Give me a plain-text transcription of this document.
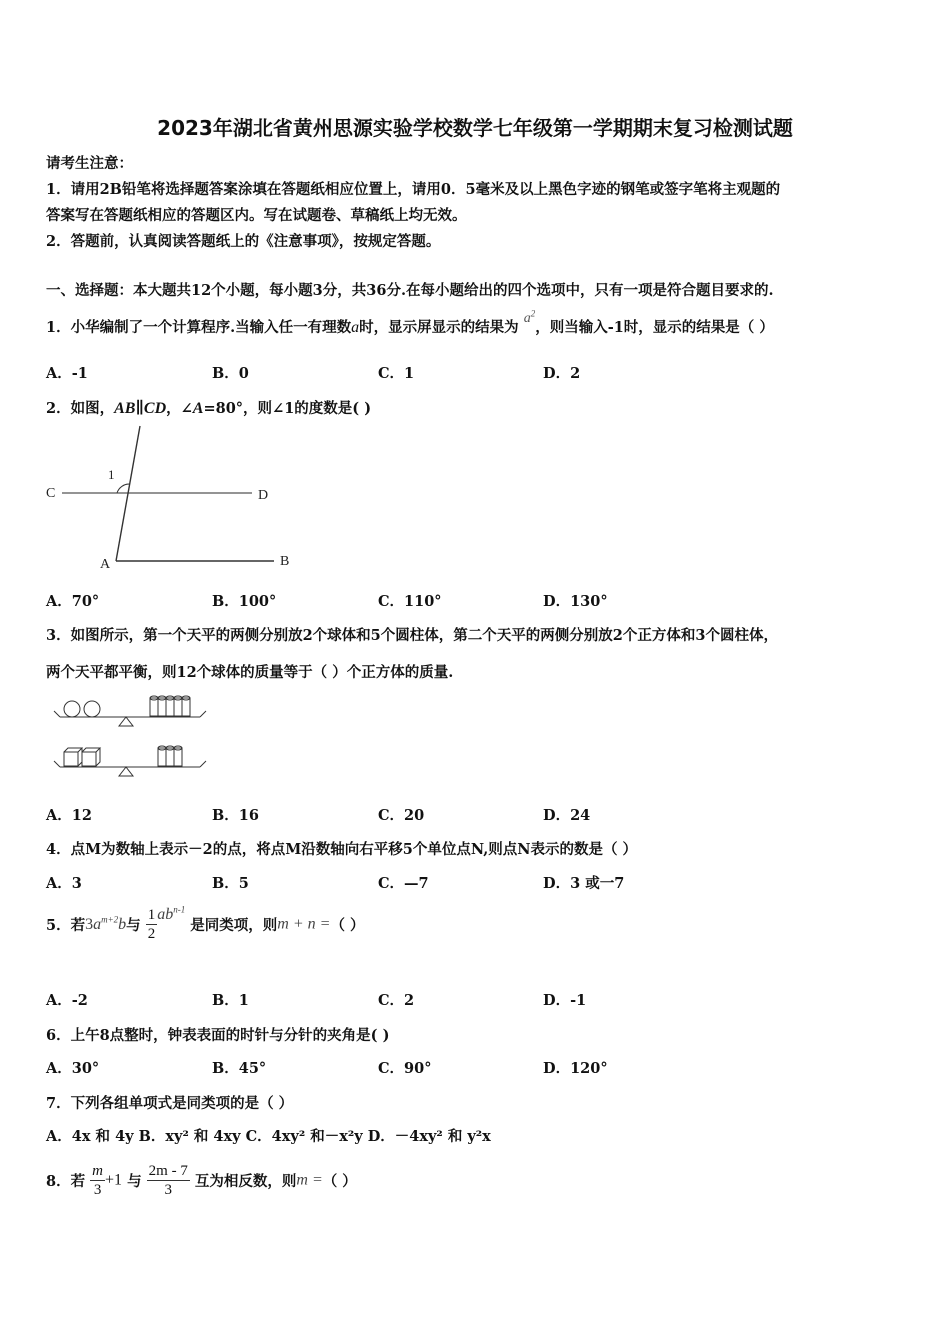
2023年湖北省黄州思源实验学校数学七年级第一学期期末复习检测试题
请考生注意：
1．请用2B铅笔将选择题答案涂填在答题纸相应位置上，请用0．5毫米及以上黑色字迹的钢笔或签字笔将主观题的
答案写在答题纸相应的答题区内。写在试题卷、草稿纸上均无效。
2．答题前，认真阅读答题纸上的《注意事项》，按规定答题。
一、选择题：本大题共12个小题，每小题3分，共36分.在每小题给出的四个选项中，只有一项是符合题目要求的.
1．小华编制了一个计算程序.当输入任一有理数a时，显示屏显示的结果为 $a^2$，则当输入-1时，显示的结果是（ ）
A．-1	B．0	C．1	D．2
2．如图，AB∥CD，∠A=80°，则∠1的度数是( )
C	D
A	B
1
A．70°	B．100°	C．110°	D．130°
3．如图所示，第一个天平的两侧分别放2个球体和5个圆柱体，第二个天平的两侧分别放2个正方体和3个圆柱体，
两个天平都平衡，则12个球体的质量等于（ ）个正方体的质量.
A．12	B．16	C．20	D．24
4．点M为数轴上表示－2的点，将点M沿数轴向右平移5个单位点N,则点N表示的数是（ ）
A．3	B．5	C．—7	D．3 或一7
5．若$3a^{m+2}b$与 $\frac{1}{2} ab^{n-1}$ 是同类项，则m + n =（ ）
A．-2	B．1	C．2	D．-1
6．上午8点整时，钟表表面的时针与分针的夹角是( )
A．30°	B．45°	C．90°	D．120°
7．下列各组单项式是同类项的是（ ）
A．4x 和 4y B．xy² 和 4xy C．4xy² 和－x²y D．－4xy² 和 y²x
8．若 $\frac{m}{3} +1$ 与 $\frac{2m - 7}{3}$ 互为相反数，则m =（ ）
